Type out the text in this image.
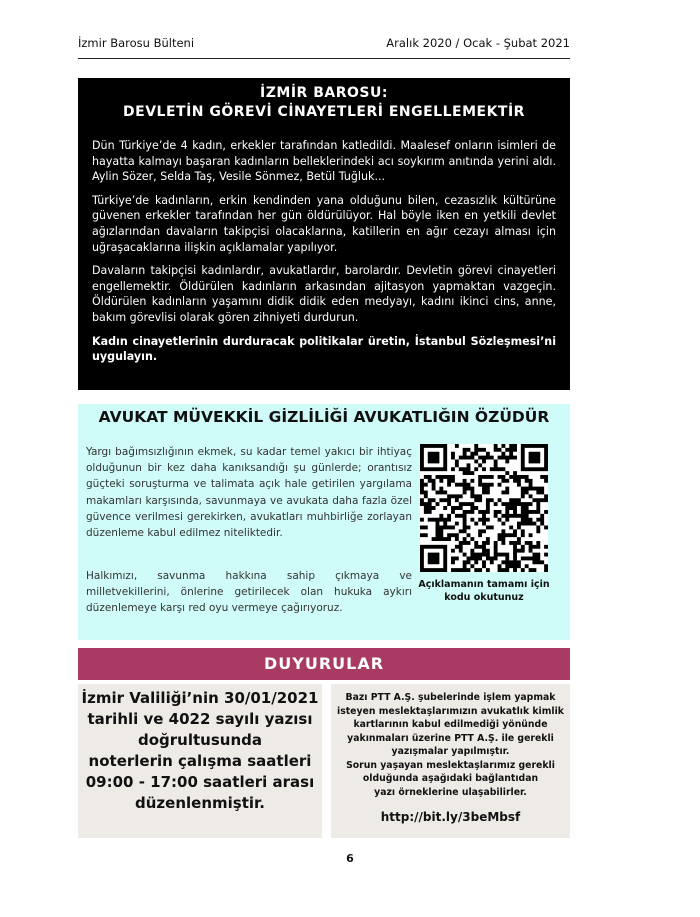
İzmir Barosu Bülteni	Aralık 2020 / Ocak - Şubat 2021
İZMİR BAROSU:
DEVLETİN GÖREVİ CİNAYETLERİ ENGELLEMEKTİR

Dün Türkiye’de 4 kadın, erkekler tarafından katledildi. Maalesef onların isimleri de hayatta kalmayı başaran kadınların belleklerindeki acı soykırım anıtında yerini aldı. Aylin Sözer, Selda Taş, Vesile Sönmez, Betül Tuğluk...

Türkiye’de kadınların, erkin kendinden yana olduğunu bilen, cezasızlık kültürüne güvenen erkekler tarafından her gün öldürülüyor. Hal böyle iken en yetkili devlet ağızlarından davaların takipçisi olacaklarına, katillerin en ağır cezayı alması için uğraşacaklarına ilişkin açıklamalar yapılıyor.

Davaların takipçisi kadınlardır, avukatlardır, barolardır. Devletin görevi cinayetleri engellemektir. Öldürülen kadınların arkasından ajitasyon yapmaktan vazgeçin. Öldürülen kadınların yaşamını didik didik eden medyayı, kadını ikinci cins, anne, bakım görevlisi olarak gören zihniyeti durdurun.

Kadın cinayetlerinin durduracak politikalar üretin, İstanbul Sözleşmesi’ni uygulayın.

AVUKAT MÜVEKKİL GİZLİLİĞİ AVUKATLIĞIN ÖZÜDÜR
Yargı bağımsızlığının ekmek, su kadar temel yakıcı bir ihtiyaç olduğunun bir kez daha kanıksandığı şu günlerde; orantısız güçteki soruşturma ve talimata açık hale getirilen yargılama makamları karşısında, savunmaya ve avukata daha fazla özel güvence verilmesi gerekirken, avukatları muhbirliğe zorlayan düzenleme kabul edilmez niteliktedir.
Halkımızı, savunma hakkına sahip çıkmaya ve milletvekillerini, önlerine getirilecek olan hukuka aykırı düzenlemeye karşı red oyu vermeye çağırıyoruz.
Açıklamanın tamamı için kodu okutunuz
DUYURULAR
İzmir Valiliği’nin 30/01/2021
tarihli ve 4022 sayılı yazısı
doğrultusunda
noterlerin çalışma saatleri
09:00 - 17:00 saatleri arası
düzenlenmiştir.
Bazı PTT A.Ş. şubelerinde işlem yapmak
isteyen meslektaşlarımızın avukatlık kimlik
kartlarının kabul edilmediği yönünde
yakınmaları üzerine PTT A.Ş. ile gerekli
yazışmalar yapılmıştır.
Sorun yaşayan meslektaşlarımız gerekli
olduğunda aşağıdaki bağlantıdan
yazı örneklerine ulaşabilirler.
http://bit.ly/3beMbsf
6
